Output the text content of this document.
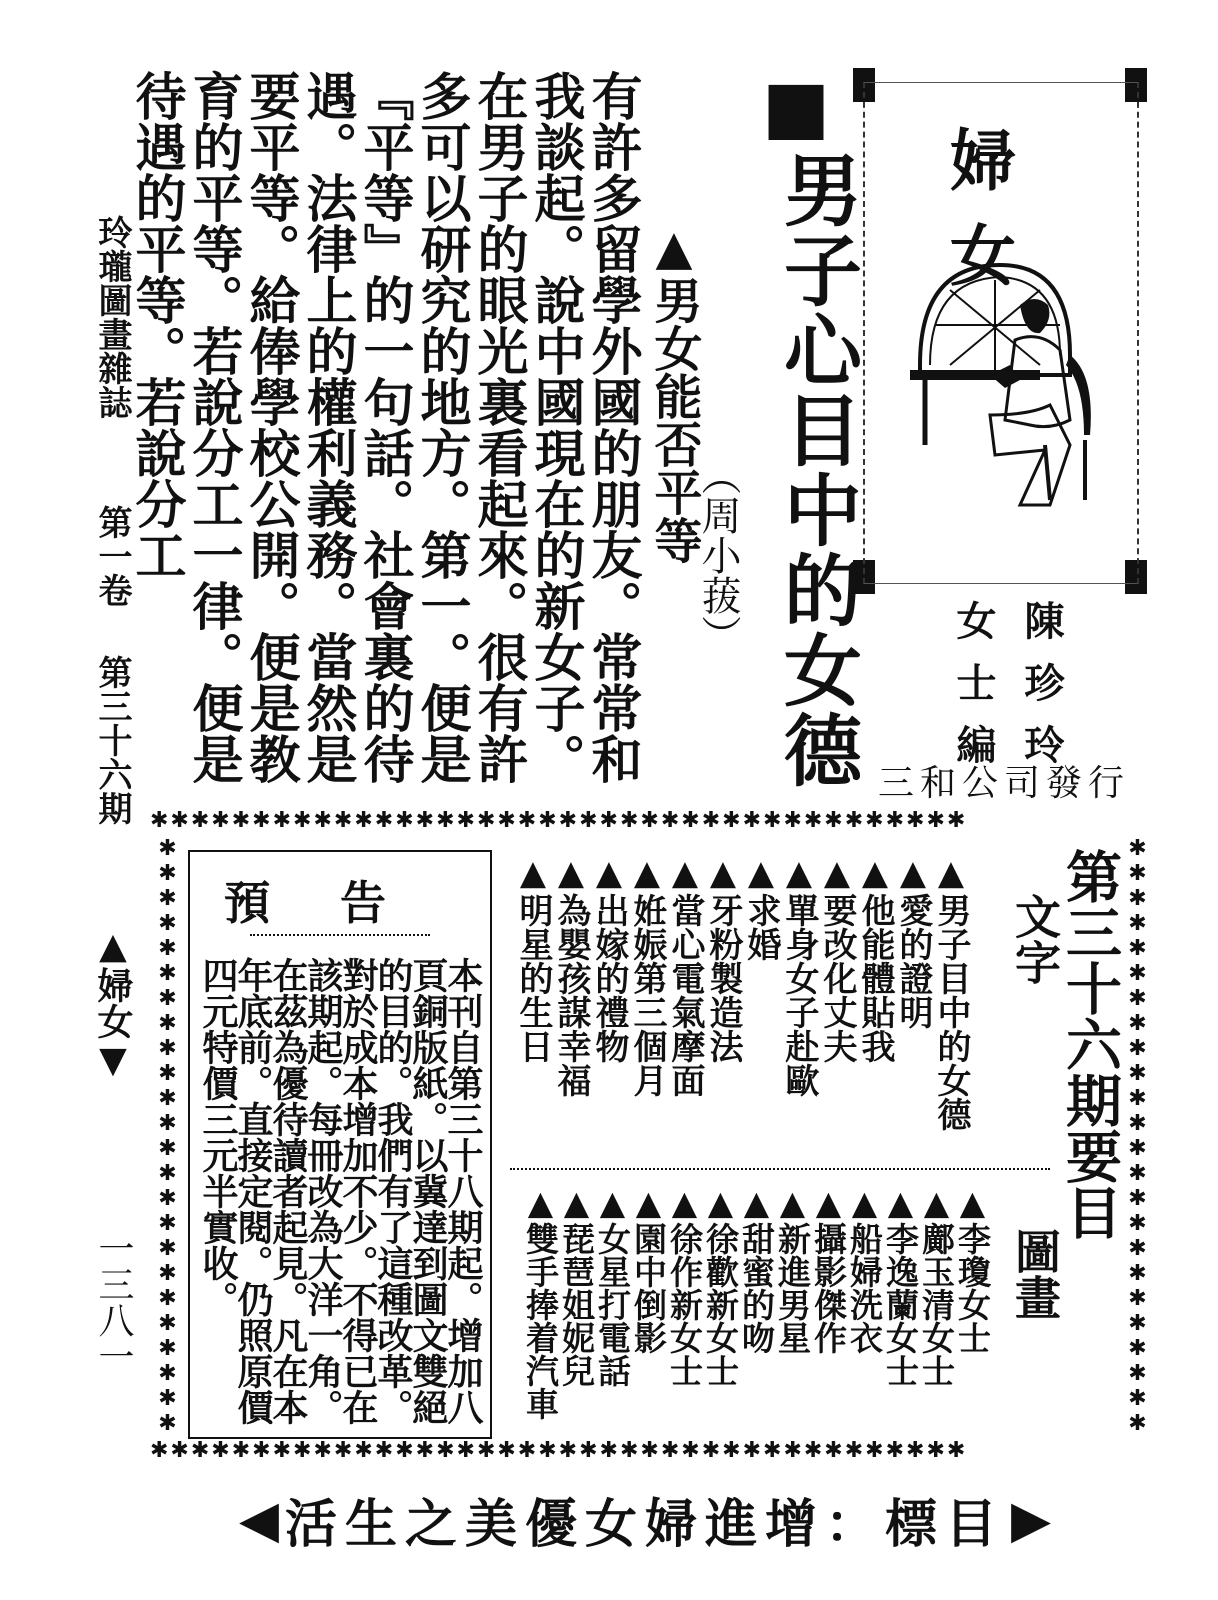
婦女
陳珍玲
女士編
三和公司發行
■
男子心目中的女德
（周小菝）
▲男女能否平等
有許多留學外國的朋友。常常和我談起。說中國現在的新女子。在男子的眼光裏看起來。很有許多可以研究的地方。第一。便是『平等』的一句話。社會裏的待遇。法律上的權利義務。當然是要平等。給俸學校公開。便是教育的平等。若說分工一律。便是待遇的平等。若說分工
玲瓏圖畫雜誌
第一卷
第三十六期
▲婦女▼
一三八一
✱✱✱✱✱✱✱✱✱✱✱✱✱✱✱✱✱✱✱✱✱✱✱✱✱✱✱✱✱✱✱✱✱✱✱✱✱✱✱✱
✱✱✱✱✱✱✱✱✱✱✱✱✱✱✱✱✱✱✱✱✱✱✱✱✱✱✱✱✱✱✱✱✱✱✱✱✱✱✱✱
✱✱✱✱✱✱✱✱✱✱✱✱✱✱✱✱✱✱✱✱✱✱✱✱	✱✱✱✱✱✱✱✱✱✱✱✱✱✱✱✱✱✱✱✱✱✱✱✱
預告
本刊自第三十八期起。增加八頁銅版紙。以冀達到圖文雙絕的目的。我們有了這種改革。對於成本增加不少。不得已在該期起。每冊改為大洋一角。在茲為優待讀者起見。凡在本年底前。直接定閱。仍照原價四元特價三元半實收。	第三十六期要目
文字
圖畫
▲男子目中的女德
▲愛的證明
▲他能體貼我
▲要改化丈夫
▲單身女子赴歐
▲求婚
▲牙粉製造法
▲當心電氣摩面
▲姙娠第三個月
▲出嫁的禮物
▲為嬰孩謀幸福
▲明星的生日
▲李瓊女士
▲鄺玉清女士
▲李逸蘭女士
▲船婦洗衣
▲攝影傑作
▲新進男星
▲甜蜜的吻
▲徐歡新女士
▲徐作新女士
▲園中倒影
▲女星打電話
▲琵琶姐妮兒
▲雙手捧着汽車
◀ 目標：增進婦女優美之生活 ▶
